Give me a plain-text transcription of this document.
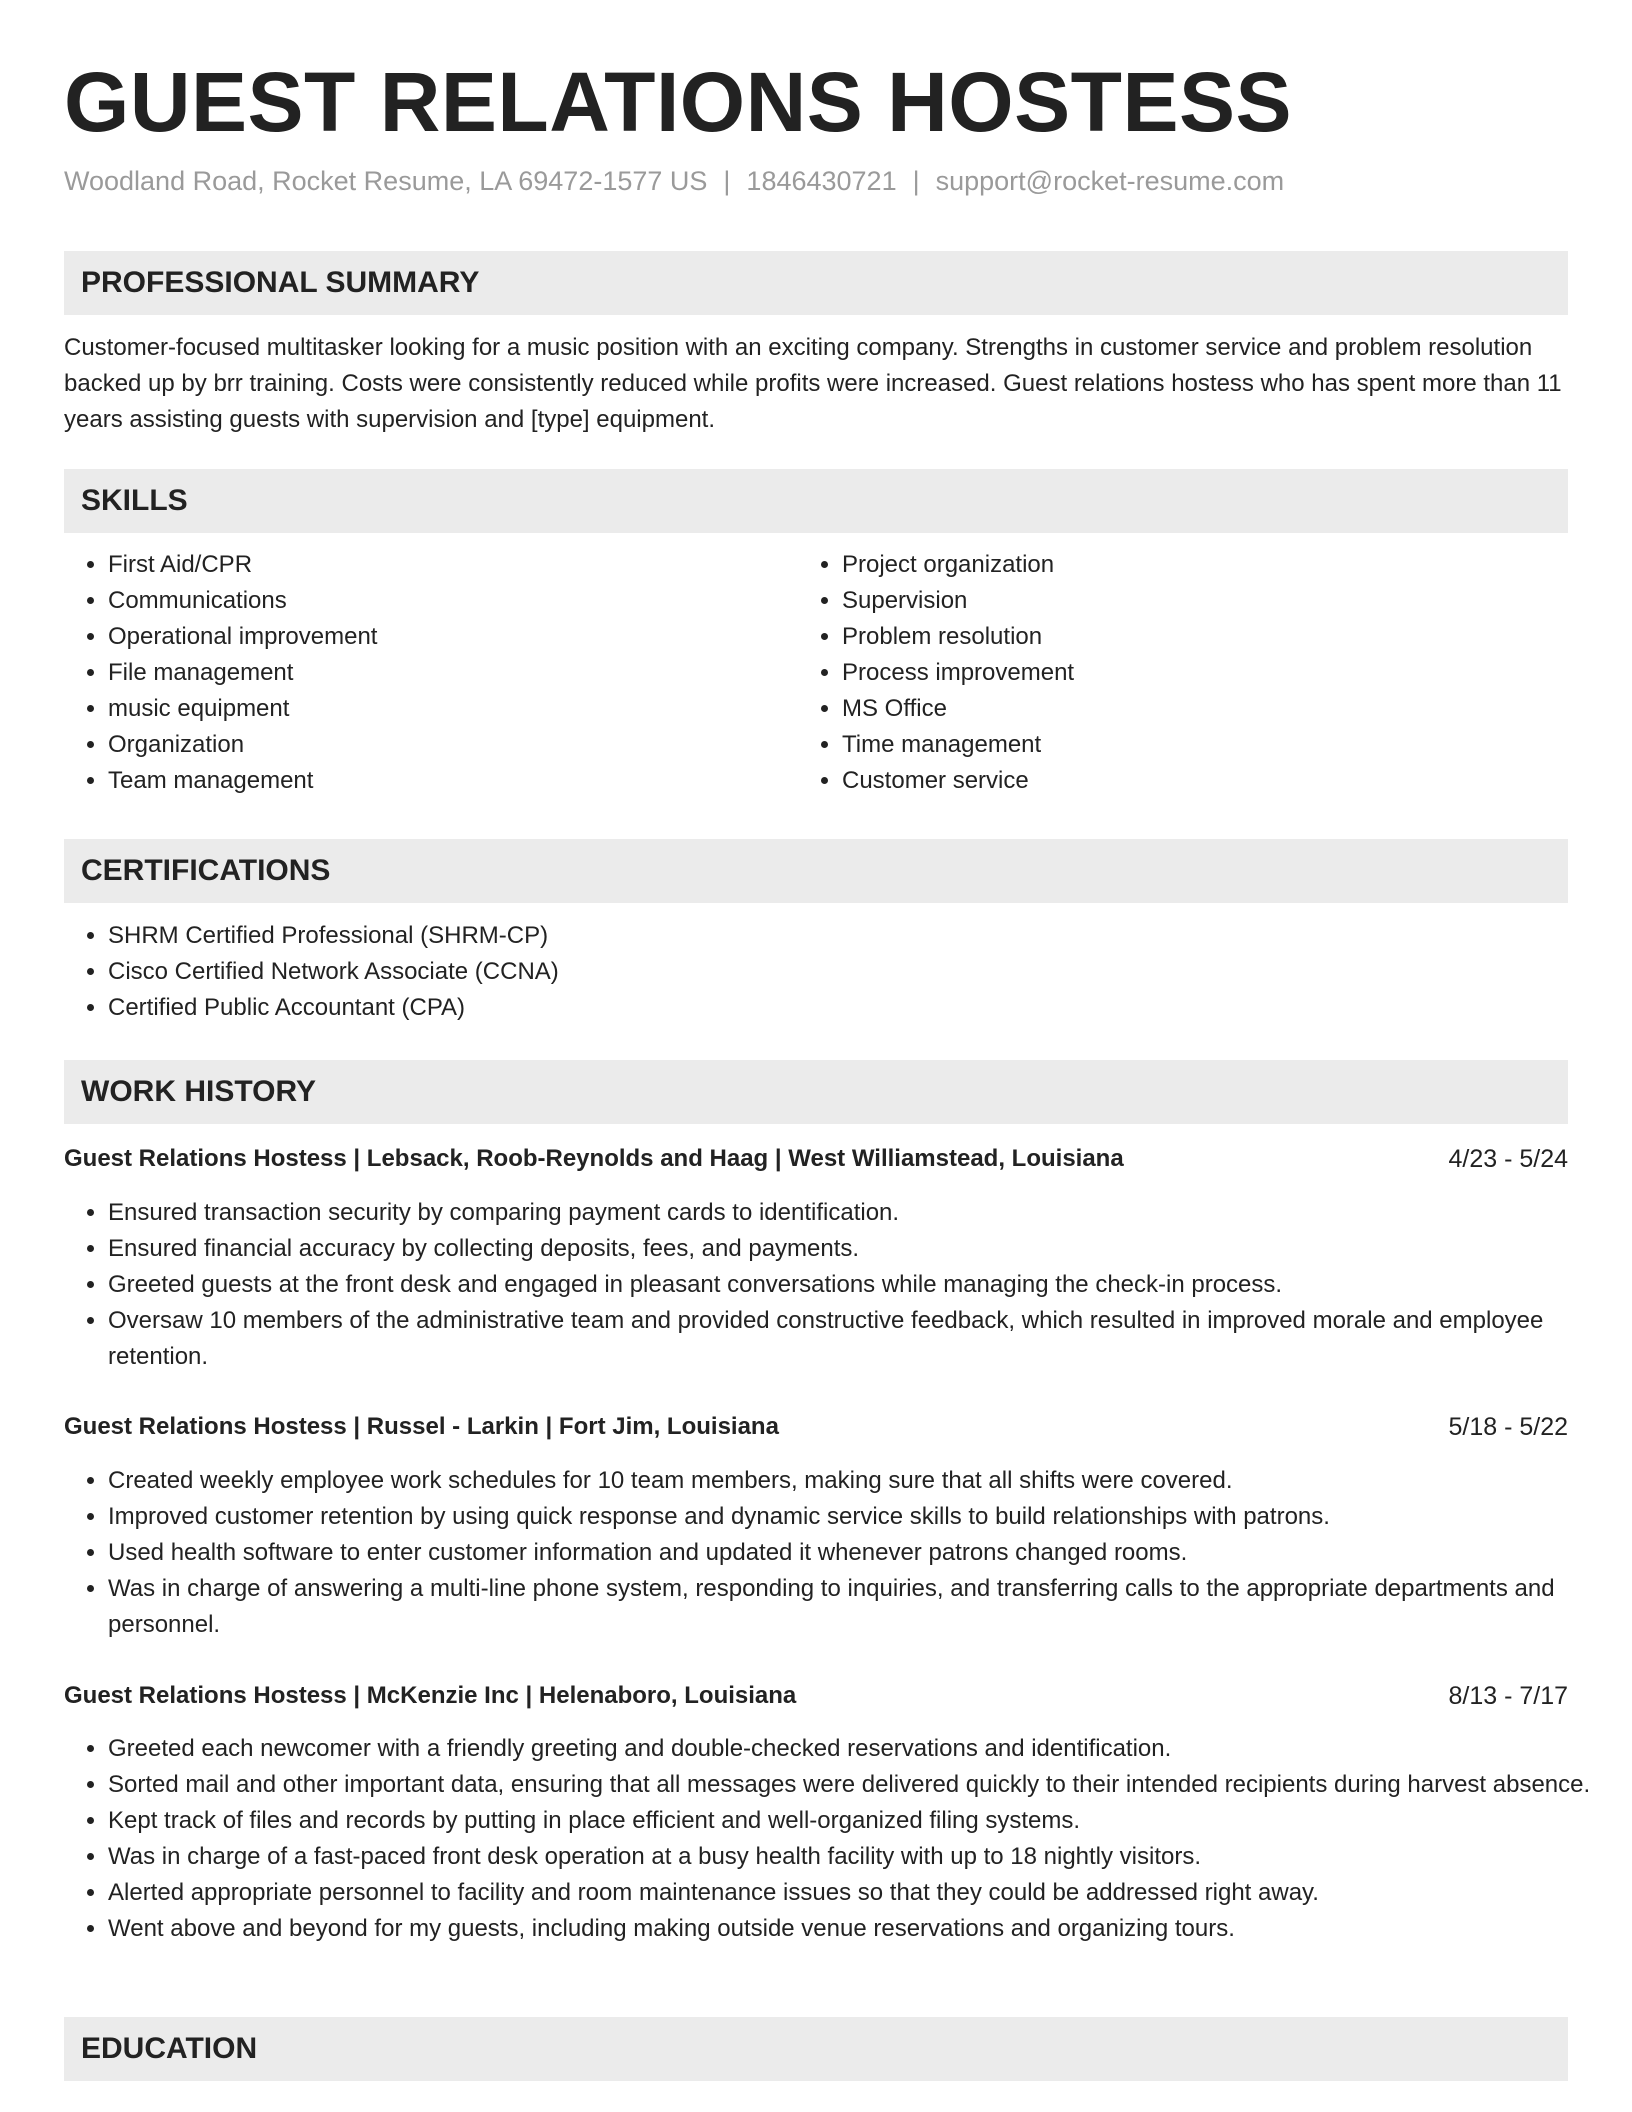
GUEST RELATIONS HOSTESS
Woodland Road, Rocket Resume, LA 69472-1577 US | 1846430721 | support@rocket-resume.com
PROFESSIONAL SUMMARY

Customer-focused multitasker looking for a music position with an exciting company. Strengths in customer service and problem resolution backed up by brr training. Costs were consistently reduced while profits were increased. Guest relations hostess who has spent more than 11 years assisting guests with supervision and [type] equipment.

SKILLS
• First Aid/CPR
• Communications
• Operational improvement
• File management
• music equipment
• Organization
• Team management
• Project organization
• Supervision
• Problem resolution
• Process improvement
• MS Office
• Time management
• Customer service
CERTIFICATIONS
• SHRM Certified Professional (SHRM-CP)
• Cisco Certified Network Associate (CCNA)
• Certified Public Accountant (CPA)
WORK HISTORY
Guest Relations Hostess | Lebsack, Roob-Reynolds and Haag | West Williamstead, Louisiana	4/23 - 5/24
• Ensured transaction security by comparing payment cards to identification.
• Ensured financial accuracy by collecting deposits, fees, and payments.
• Greeted guests at the front desk and engaged in pleasant conversations while managing the check-in process.
• Oversaw 10 members of the administrative team and provided constructive feedback, which resulted in improved morale and employee retention.
Guest Relations Hostess | Russel - Larkin | Fort Jim, Louisiana	5/18 - 5/22
• Created weekly employee work schedules for 10 team members, making sure that all shifts were covered.
• Improved customer retention by using quick response and dynamic service skills to build relationships with patrons.
• Used health software to enter customer information and updated it whenever patrons changed rooms.
• Was in charge of answering a multi-line phone system, responding to inquiries, and transferring calls to the appropriate departments and personnel.
Guest Relations Hostess | McKenzie Inc | Helenaboro, Louisiana	8/13 - 7/17
• Greeted each newcomer with a friendly greeting and double-checked reservations and identification.
• Sorted mail and other important data, ensuring that all messages were delivered quickly to their intended recipients during harvest absence.
• Kept track of files and records by putting in place efficient and well-organized filing systems.
• Was in charge of a fast-paced front desk operation at a busy health facility with up to 18 nightly visitors.
• Alerted appropriate personnel to facility and room maintenance issues so that they could be addressed right away.
• Went above and beyond for my guests, including making outside venue reservations and organizing tours.
EDUCATION
